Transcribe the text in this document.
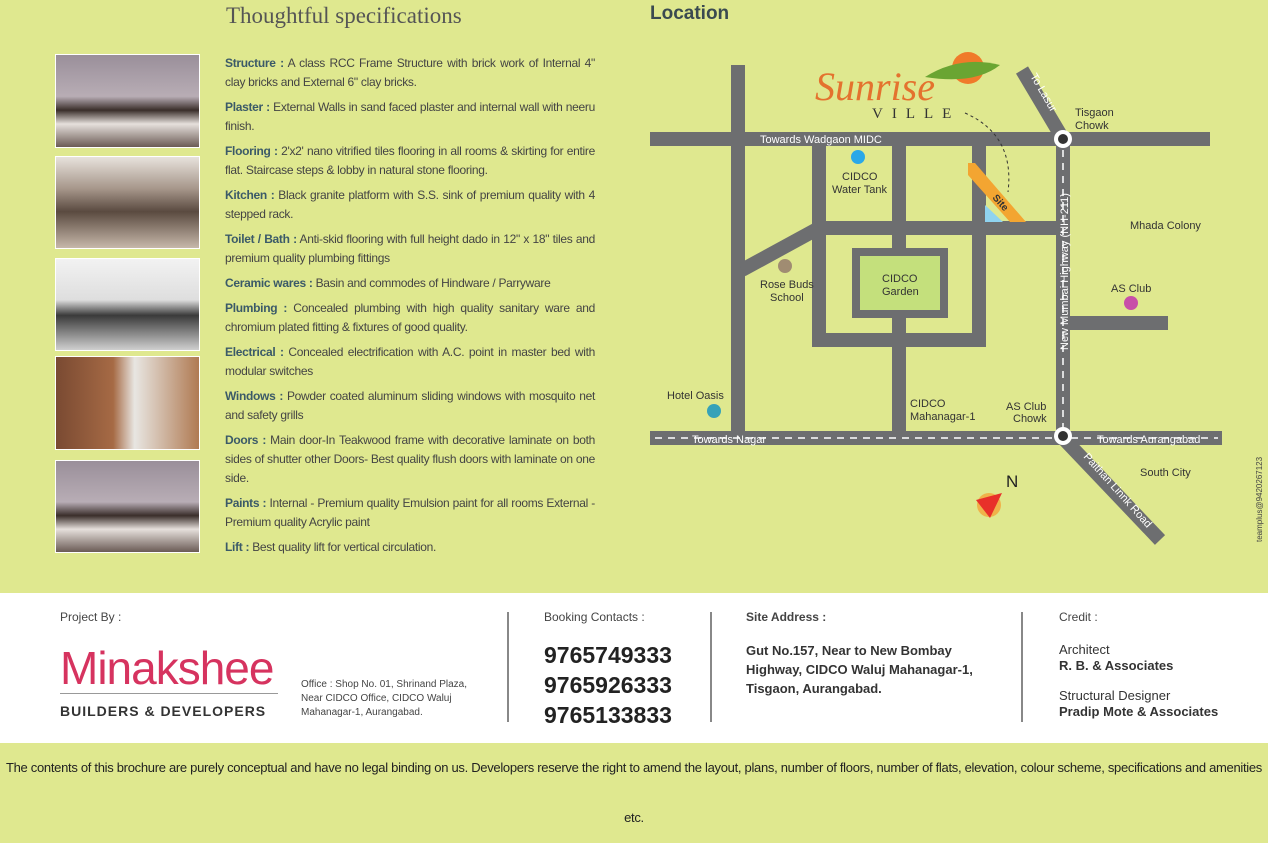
Thoughtful specifications
Structure : A class RCC Frame Structure with brick work of Internal 4" clay bricks and External 6" clay bricks.
Plaster : External Walls in sand faced plaster and internal wall with neeru finish.
Flooring : 2'x2' nano vitrified tiles flooring in all rooms & skirting for entire flat. Staircase steps & lobby in natural stone flooring.
Kitchen : Black granite platform with S.S. sink of premium quality with 4 stepped rack.
Toilet / Bath : Anti-skid flooring with full height dado in 12" x 18" tiles and premium quality plumbing fittings
Ceramic wares : Basin and commodes of Hindware / Parryware
Plumbing : Concealed plumbing with high quality sanitary ware and chromium plated fitting & fixtures of good quality.
Electrical : Concealed electrification with A.C. point in master bed with modular switches
Windows : Powder coated aluminum sliding windows with mosquito net and safety grills
Doors : Main door-In Teakwood frame with decorative laminate on both sides of shutter other Doors- Best quality flush doors with laminate on one side.
Paints : Internal - Premium quality Emulsion paint for all rooms External - Premium quality Acrylic paint
Lift : Best quality lift for vertical circulation.
Location
N
Sunrise
VILLE
Towards Wadgaon MIDC
To Lasur Tisgaon
Chowk
CIDCO
Water Tank
Site
Mhada Colony
Rose Buds
School
CIDCO
Garden	New Mumbai Highway (NH-211)	AS Club
Hotel Oasis
CIDCO
Mahanagar-1
AS Club
Chowk
Towards Nagar	Towards Aurangabad
Paithan Linnk Road
South City	teamplus@9420267123
Project By :
Minakshee
BUILDERS & DEVELOPERS
Office : Shop No. 01, Shrinand Plaza,
Near CIDCO Office, CIDCO Waluj
Mahanagar-1, Aurangabad.
Booking Contacts :
9765749333
9765926333
9765133833
Site Address :
Gut No.157, Near to New Bombay
Highway, CIDCO Waluj Mahanagar-1,
Tisgaon, Aurangabad.
Credit :
Architect
R. B. & Associates
Structural Designer
Pradip Mote & Associates
The contents of this brochure are purely conceptual and have no legal binding on us. Developers reserve the right to amend the layout, plans, number of floors, number of flats, elevation, colour scheme, specifications and amenities etc.
